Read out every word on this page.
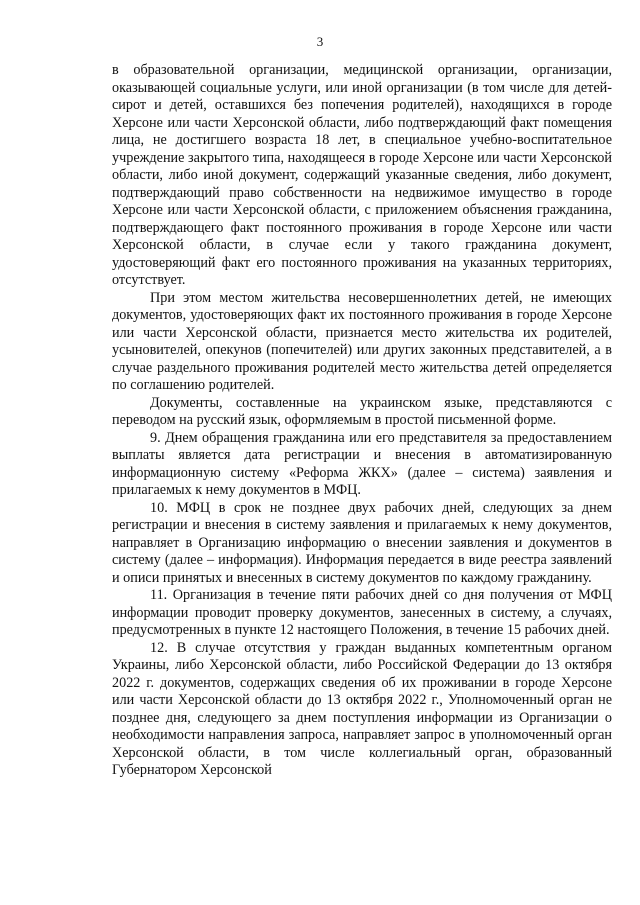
3

в образовательной организации, медицинской организации, организации, оказывающей социальные услуги, или иной организации (в том числе для детей-сирот и детей, оставшихся без попечения родителей), находящихся в городе Херсоне или части Херсонской области, либо подтверждающий факт помещения лица, не достигшего возраста 18 лет, в специальное учебно-воспитательное учреждение закрытого типа, находящееся в городе Херсоне или части Херсонской области, либо иной документ, содержащий указанные сведения, либо документ, подтверждающий право собственности на недвижимое имущество в городе Херсоне или части Херсонской области, с приложением объяснения гражданина, подтверждающего факт постоянного проживания в городе Херсоне или части Херсонской области, в случае если у такого гражданина документ, удостоверяющий факт его постоянного проживания на указанных территориях, отсутствует.

При этом местом жительства несовершеннолетних детей, не имеющих документов, удостоверяющих факт их постоянного проживания в городе Херсоне или части Херсонской области, признается место жительства их родителей, усыновителей, опекунов (попечителей) или других законных представителей, а в случае раздельного проживания родителей место жительства детей определяется по соглашению родителей.

Документы, составленные на украинском языке, представляются с переводом на русский язык, оформляемым в простой письменной форме.

9. Днем обращения гражданина или его представителя за предоставлением выплаты является дата регистрации и внесения в автоматизированную информационную систему «Реформа ЖКХ» (далее – система) заявления и прилагаемых к нему документов в МФЦ.

10. МФЦ в срок не позднее двух рабочих дней, следующих за днем регистрации и внесения в систему заявления и прилагаемых к нему документов, направляет в Организацию информацию о внесении заявления и документов в систему (далее – информация). Информация передается в виде реестра заявлений и описи принятых и внесенных в систему документов по каждому гражданину.

11. Организация в течение пяти рабочих дней со дня получения от МФЦ информации проводит проверку документов, занесенных в систему, а случаях, предусмотренных в пункте 12 настоящего Положения, в течение 15 рабочих дней.

12. В случае отсутствия у граждан выданных компетентным органом Украины, либо Херсонской области, либо Российской Федерации до 13 октября 2022 г. документов, содержащих сведения об их проживании в городе Херсоне или части Херсонской области до 13 октября 2022 г., Уполномоченный орган не позднее дня, следующего за днем поступления информации из Организации о необходимости направления запроса, направляет запрос в уполномоченный орган Херсонской области, в том числе коллегиальный орган, образованный Губернатором Херсонской
